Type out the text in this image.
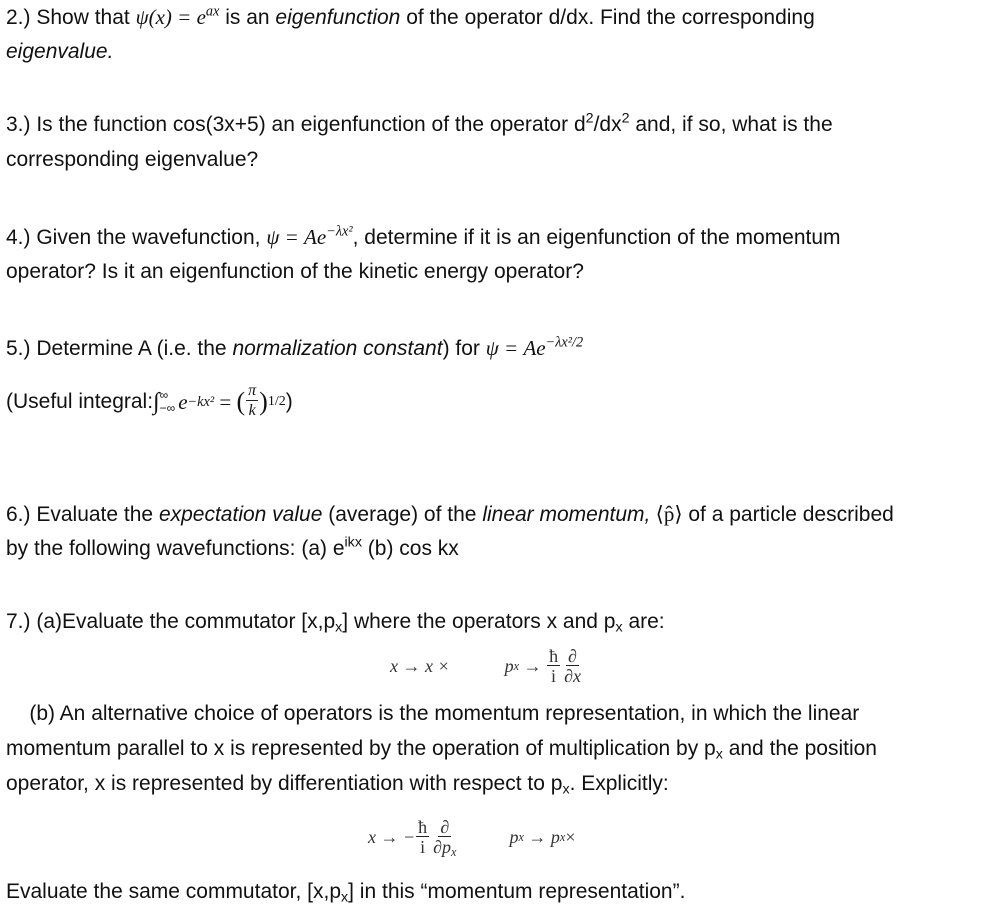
2.) Show that $\psi(x) = e^{ax}$ is an eigenfunction of the operator d/dx. Find the corresponding
eigenvalue.
3.) Is the function cos(3x+5) an eigenfunction of the operator $d^2/dx^2$ and, if so, what is the
corresponding eigenvalue?
4.) Given the wavefunction, $\psi = Ae^{-\lambda x^2}$, determine if it is an eigenfunction of the momentum
operator? Is it an eigenfunction of the kinetic energy operator?
5.) Determine A (i.e. the normalization constant) for $\psi = Ae^{-\lambda x^2/2}$
(Useful integral: ∫ ∞
−∞ e −kx² = ( $\frac{\pi}{k}$ ) 1/2 )
6.) Evaluate the expectation value (average) of the linear momentum, ⟨p̂⟩ of a particle described
by the following wavefunctions: (a) $e^{ikx}$ (b) cos kx
7.) (a)Evaluate the commutator $[x,p_x]$ where the operators x and $p_x$ are:
x → x ×	p $x \to \frac{ħ}{i} \frac{\partial}{\partial x}$
(b) An alternative choice of operators is the momentum representation, in which the linear
momentum parallel to x is represented by the operation of multiplication by $p_x$ and the position
operator, x is represented by differentiation with respect to $p_x$. Explicitly:
x → − $\frac{ħ}{i} \frac{\partial}{\partial p_x}$	p x → p x ×
Evaluate the same commutator, $[x,p_x]$ in this “momentum representation”.
